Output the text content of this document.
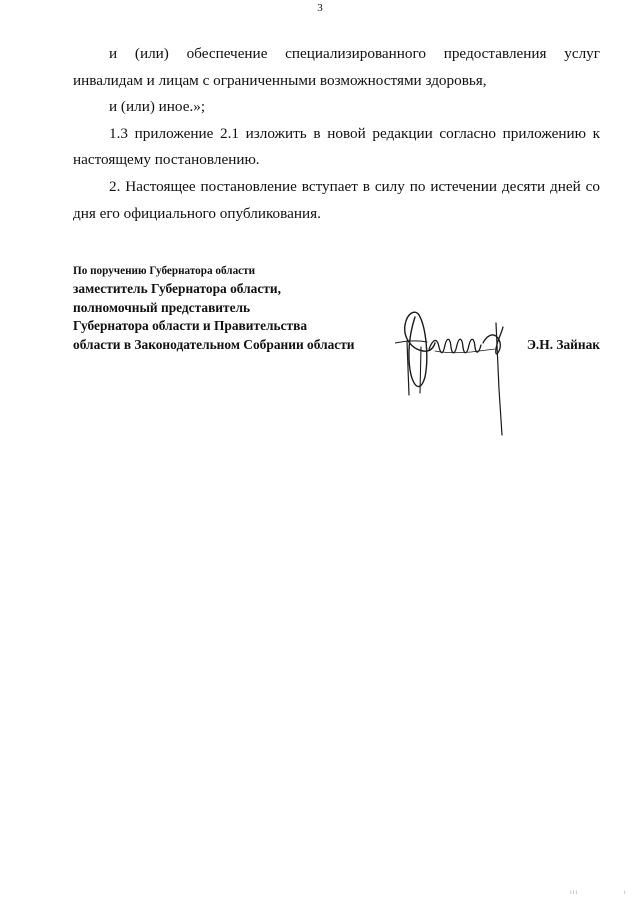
3

и (или) обеспечение специализированного предоставления услуг инвалидам и лицам с ограниченными возможностями здоровья,

и (или) иное.»;

1.3 приложение 2.1 изложить в новой редакции согласно приложению к настоящему постановлению.

2. Настоящее постановление вступает в силу по истечении десяти дней со дня его официального опубликования.

По поручению Губернатора области
заместитель Губернатора области,
полномочный представитель
Губернатора области и Правительства
области в Законодательном Собрании области	Э.Н. Зайнак
ııı	ı
